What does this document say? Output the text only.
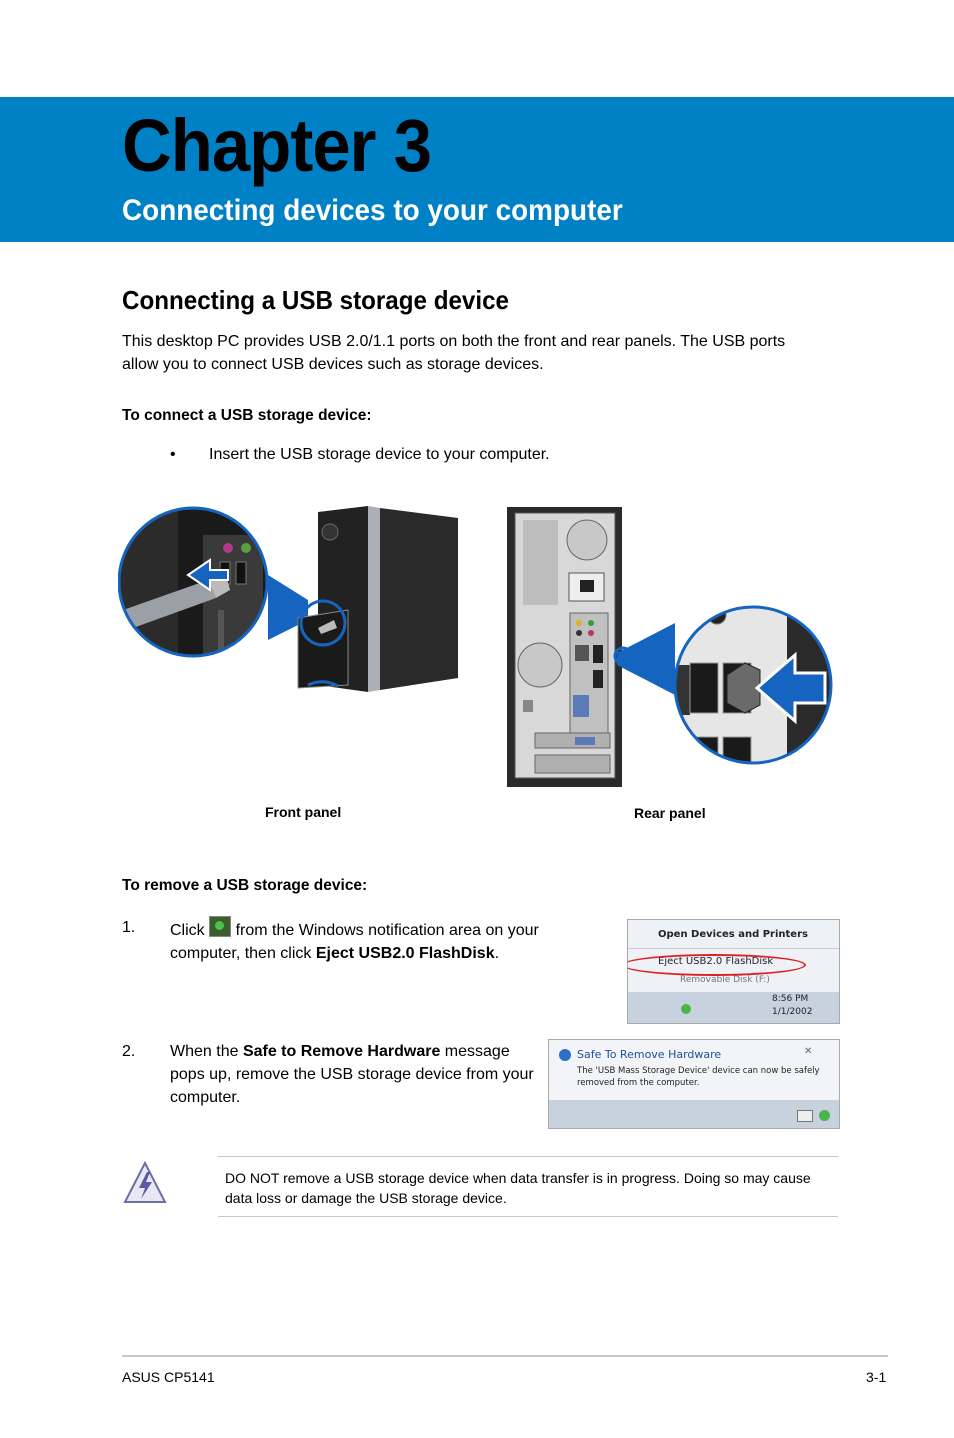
Chapter 3
Connecting devices to your computer
Connecting a USB storage device
This desktop PC provides USB 2.0/1.1 ports on both the front and rear panels. The USB ports allow you to connect USB devices such as storage devices.
To connect a USB storage device:
• Insert the USB storage device to your computer.
Front panel	Rear panel
To remove a USB storage device:
1. Click from the Windows notification area on your computer, then click Eject USB2.0 FlashDisk.
Open Devices and Printers
Eject USB2.0 FlashDisk
Removable Disk (F:)
8:56 PM
1/1/2002
2. When the Safe to Remove Hardware message pops up, remove the USB storage device from your computer.
Safe To Remove Hardware	✕
The 'USB Mass Storage Device' device can now be safely
removed from the computer.
DO NOT remove a USB storage device when data transfer is in progress. Doing so may cause data loss or damage the USB storage device.
ASUS CP5141	3-1
